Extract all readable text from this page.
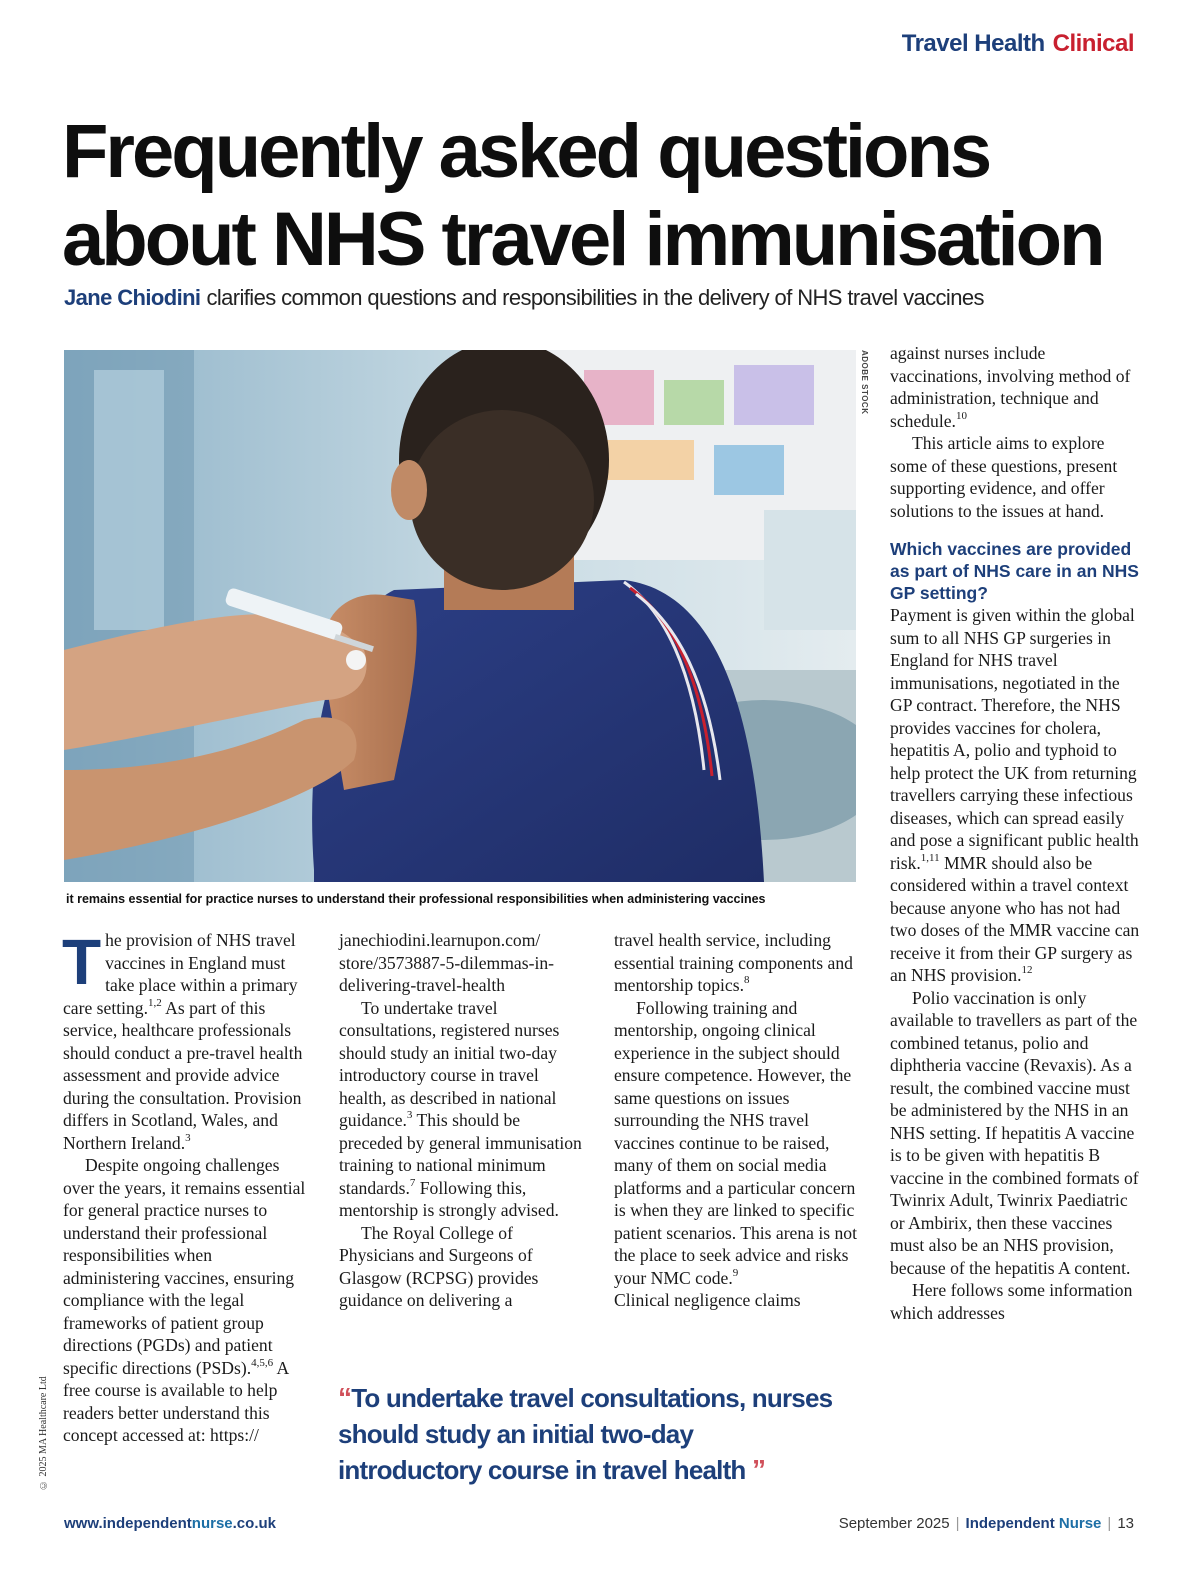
Travel Health Clinical
Frequently asked questions about NHS travel immunisation
Jane Chiodini clarifies common questions and responsibilities in the delivery of NHS travel vaccines
ADOBE STOCK
it remains essential for practice nurses to understand their professional responsibilities when administering vaccines

The provision of NHS travel vaccines in England must take place within a primary care setting.$^{1,2}$ As part of this service, healthcare professionals should conduct a pre-travel health assessment and provide advice during the consultation. Provision differs in Scotland, Wales, and Northern Ireland.$^3$

Despite ongoing challenges over the years, it remains essential for general practice nurses to understand their professional responsibilities when administering vaccines, ensuring compliance with the legal frameworks of patient group directions (PGDs) and patient specific directions (PSDs).$^{4,5,6}$ A free course is available to help readers better understand this concept accessed at: https://

janechiodini.learnupon.com/ store/3573887-5-dilemmas-in-delivering-travel-health

To undertake travel consultations, registered nurses should study an initial two-day introductory course in travel health, as described in national guidance.$^3$ This should be preceded by general immunisation training to national minimum standards.$^7$ Following this, mentorship is strongly advised.

The Royal College of Physicians and Surgeons of Glasgow (RCPSG) provides guidance on delivering a

travel health service, including essential training components and mentorship topics.$^8$

Following training and mentorship, ongoing clinical experience in the subject should ensure competence. However, the same questions on issues surrounding the NHS travel vaccines continue to be raised, many of them on social media platforms and a particular concern is when they are linked to specific patient scenarios. This arena is not the place to seek advice and risks your NMC code.$^9$

Clinical negligence claims

against nurses include vaccinations, involving method of administration, technique and schedule.$^{10}$

This article aims to explore some of these questions, present supporting evidence, and offer solutions to the issues at hand.

Which vaccines are provided as part of NHS care in an NHS GP setting?

Payment is given within the global sum to all NHS GP surgeries in England for NHS travel immunisations, negotiated in the GP contract. Therefore, the NHS provides vaccines for cholera, hepatitis A, polio and typhoid to help protect the UK from returning travellers carrying these infectious diseases, which can spread easily and pose a significant public health risk.$^{1,11}$ MMR should also be considered within a travel context because anyone who has not had two doses of the MMR vaccine can receive it from their GP surgery as an NHS provision.$^{12}$

Polio vaccination is only available to travellers as part of the combined tetanus, polio and diphtheria vaccine (Revaxis). As a result, the combined vaccine must be administered by the NHS in an NHS setting. If hepatitis A vaccine is to be given with hepatitis B vaccine in the combined formats of Twinrix Adult, Twinrix Paediatric or Ambirix, then these vaccines must also be an NHS provision, because of the hepatitis A content.

Here follows some information which addresses

“To undertake travel consultations, nurses should study an initial two-day introductory course in travel health ”
© 2025 MA Healthcare Ltd
www.independentnurse.co.uk	September 2025 | Independent Nurse | 13
